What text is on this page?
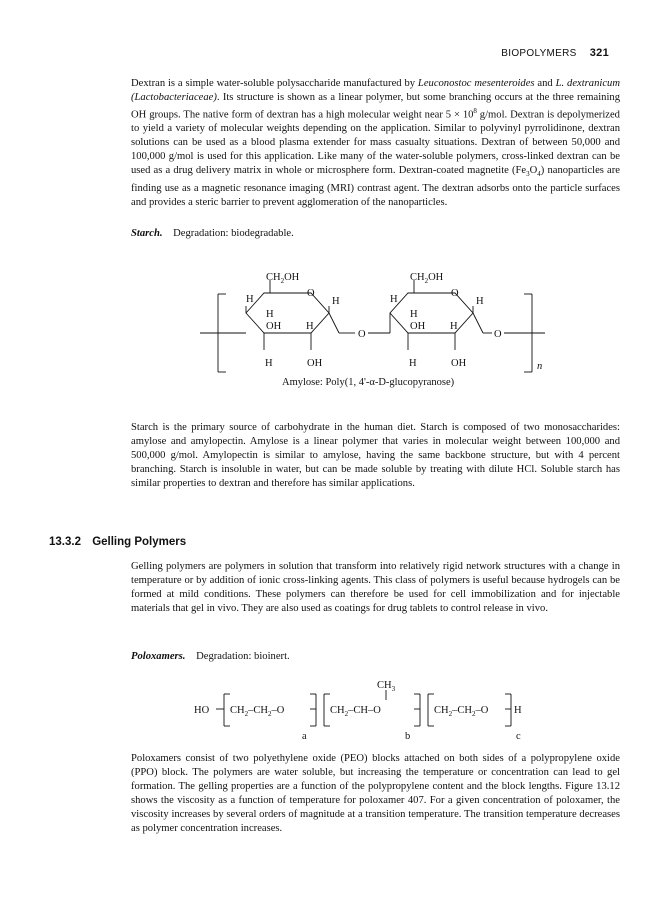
BIOPOLYMERS 321

Dextran is a simple water-soluble polysaccharide manufactured by Leuconostoc mesenteroides and L. dextranicum (Lactobacteriaceae). Its structure is shown as a linear polymer, but some branching occurs at the three remaining OH groups. The native form of dextran has a high molecular weight near $5 \times 10^8$ g/mol. Dextran is depolymerized to yield a variety of molecular weights depending on the application. Similar to polyvinyl pyrrolidinone, dextran solutions can be used as a blood plasma extender for mass casualty situations. Dextran of between 50,000 and 100,000 g/mol is used for this application. Like many of the water-soluble polymers, cross-linked dextran can be used as a drug delivery matrix in whole or microsphere form. Dextran-coated magnetite $(Fe_3O_4)$ nanoparticles are finding use as a magnetic resonance imaging (MRI) contrast agent. The dextran adsorbs onto the particle surfaces and provides a steric barrier to prevent agglomeration of the nanoparticles.

Starch. Degradation: biodegradable.
$CH_2OH$
O
H	H
H
OH H
H	OH
O
$CH_2OH$
O
H	H
H
OH H
H	OH
O
n
Amylose: Poly(1, 4'-α-D-glucopyranose)

Starch is the primary source of carbohydrate in the human diet. Starch is composed of two monosaccharides: amylose and amylopectin. Amylose is a linear polymer that varies in molecular weight between 100,000 and 500,000 g/mol. Amylopectin is similar to amylose, having the same backbone structure, but with 4 percent branching. Starch is insoluble in water, but can be made soluble by treating with dilute HCl. Soluble starch has similar properties to dextran and therefore has similar applications.

13.3.2 Gelling Polymers

Gelling polymers are polymers in solution that transform into relatively rigid network structures with a change in temperature or by addition of ionic cross-linking agents. This class of polymers is useful because hydrogels can be formed at mild conditions. These polymers can therefore be used for cell immobilization and for injectable materials that gel in vivo. They are also used as coatings for drug tablets to control release in vivo.

Poloxamers. Degradation: bioinert.
HO $CH_2-CH_2-O$
a
$CH_3$
$CH_2-CH-O$
b
$CH_2-CH_2-O$ H
c

Poloxamers consist of two polyethylene oxide (PEO) blocks attached on both sides of a polypropylene oxide (PPO) block. The polymers are water soluble, but increasing the temperature or concentration can lead to gel formation. The gelling properties are a function of the polypropylene content and the block lengths. Figure 13.12 shows the viscosity as a function of temperature for poloxamer 407. For a given concentration of poloxamer, the viscosity increases by several orders of magnitude at a transition temperature. The transition temperature decreases as polymer concentration increases.
